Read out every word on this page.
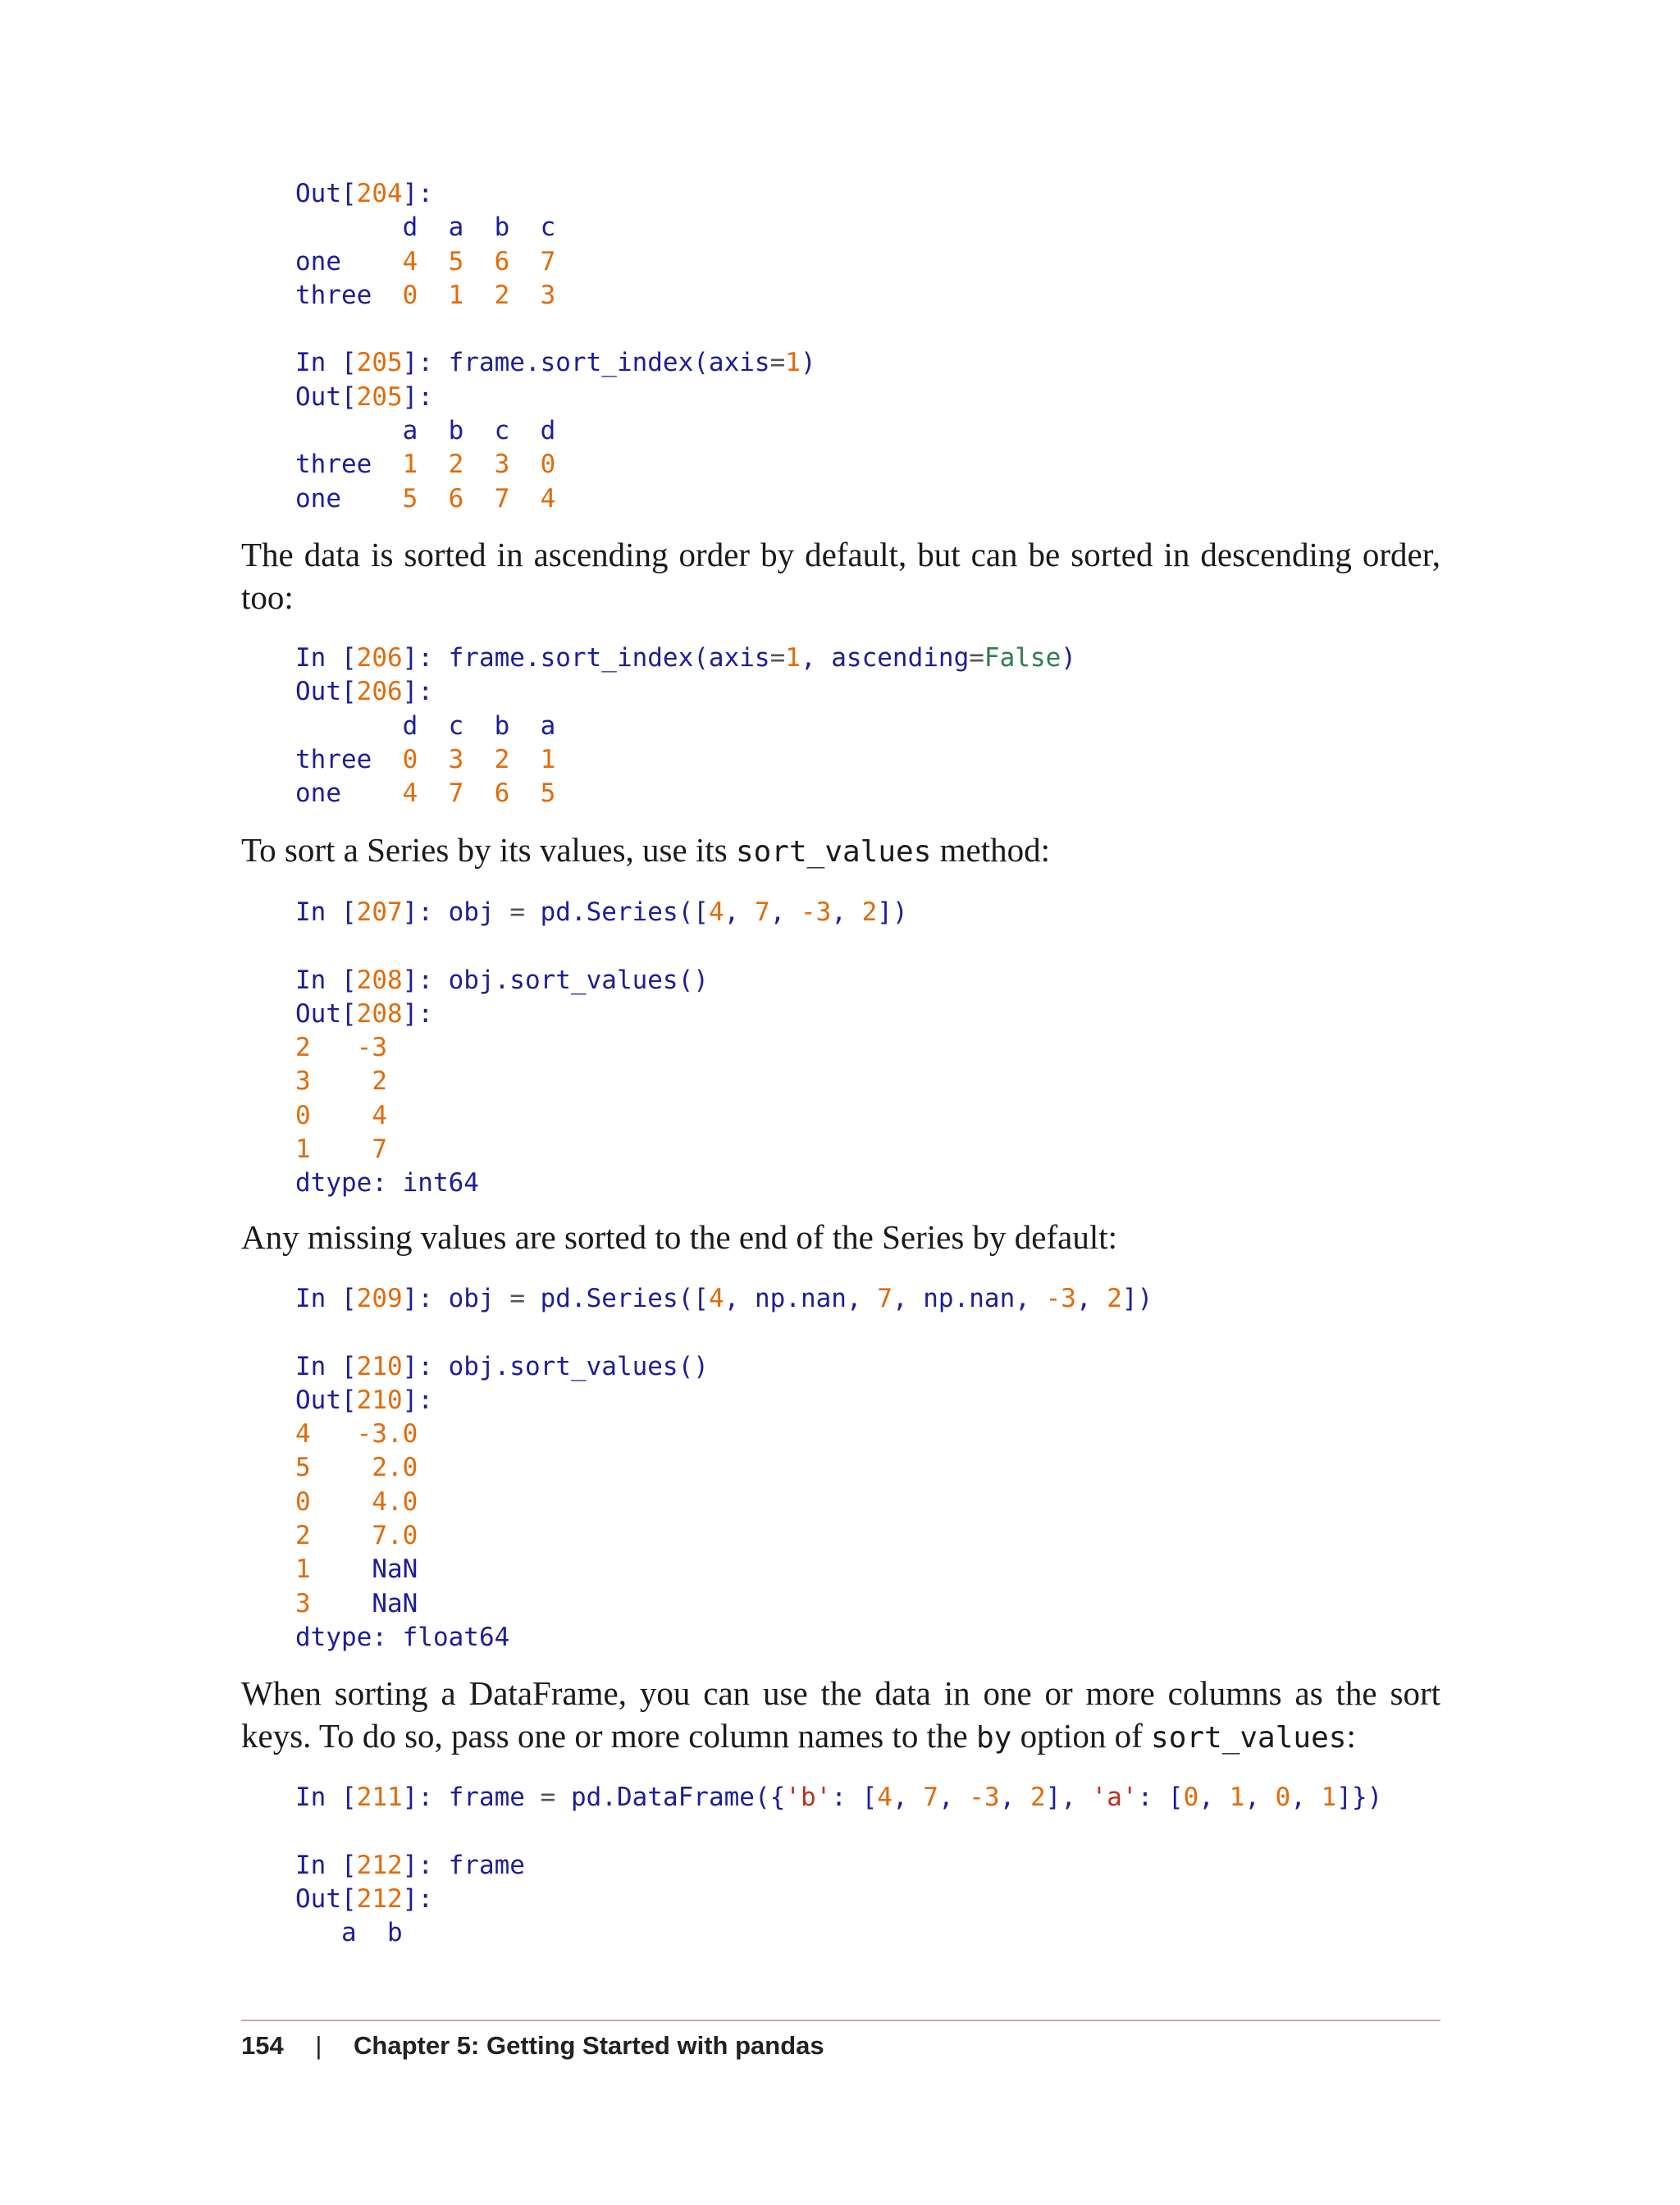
Out[204]:
d  a  b  c
one    4 5 6 7
three  0 1 2 3
In [205]: frame.sort_index(axis=1)
Out[205]:
a  b  c  d
three  1 2 3 0
one    5 6 7 4

The data is sorted in ascending order by default, but can be sorted in descending order, too:

In [206]: frame.sort_index(axis=1, ascending=False)
Out[206]:
d  c  b  a
three  0 3 2 1
one    4 7 6 5

To sort a Series by its values, use its sort_values method:

In [207]: obj = pd.Series([4, 7, -3, 2])
In [208]: obj.sort_values()
Out[208]:
2 -3
3 2
0 4
1 7
dtype: int64

Any missing values are sorted to the end of the Series by default:

In [209]: obj = pd.Series([4, np.nan, 7, np.nan, -3, 2])
In [210]: obj.sort_values()
Out[210]:
4 -3.0
5 2.0
0 4.0
2 7.0
1    NaN
3    NaN
dtype: float64

When sorting a DataFrame, you can use the data in one or more columns as the sort keys. To do so, pass one or more column names to the by option of sort_values:

In [211]: frame = pd.DataFrame({'b': [4, 7, -3, 2], 'a': [0, 1, 0, 1]})
In [212]: frame
Out[212]:
a  b
154 | Chapter 5: Getting Started with pandas
